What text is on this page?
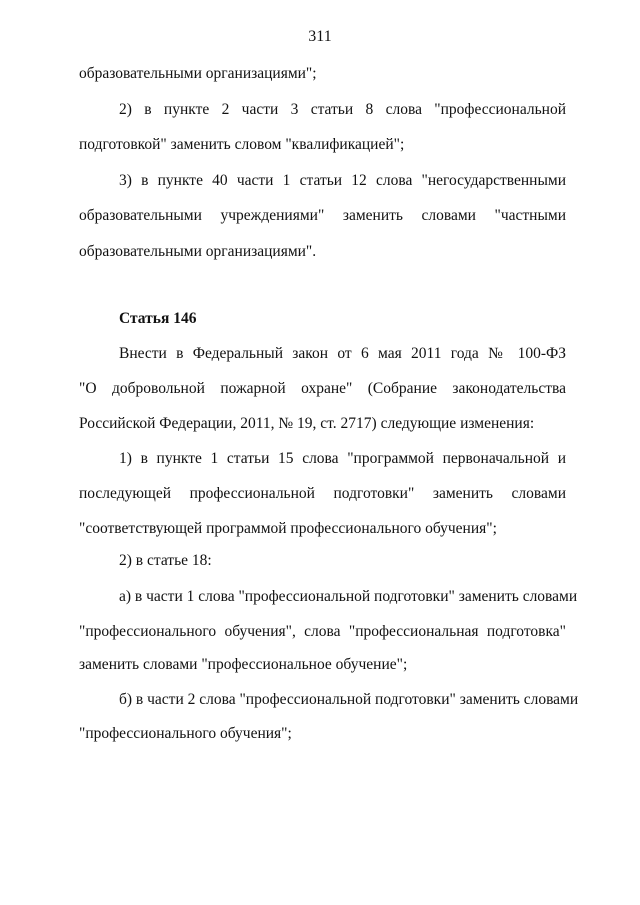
311
образовательными организациями";
2) в пункте 2 части 3 статьи 8 слова "профессиональной
подготовкой" заменить словом "квалификацией";
3) в пункте 40 части 1 статьи 12 слова "негосударственными
образовательными учреждениями" заменить словами "частными
образовательными организациями".
Статья 146
Внести в Федеральный закон от 6 мая 2011 года № 100-ФЗ
"О добровольной пожарной охране" (Собрание законодательства
Российской Федерации, 2011, № 19, ст. 2717) следующие изменения:
1) в пункте 1 статьи 15 слова "программой первоначальной и
последующей профессиональной подготовки" заменить словами
"соответствующей программой профессионального обучения";
2) в статье 18:
а) в части 1 слова "профессиональной подготовки" заменить словами
"профессионального обучения", слова "профессиональная подготовка"
заменить словами "профессиональное обучение";
б) в части 2 слова "профессиональной подготовки" заменить словами
"профессионального обучения";
